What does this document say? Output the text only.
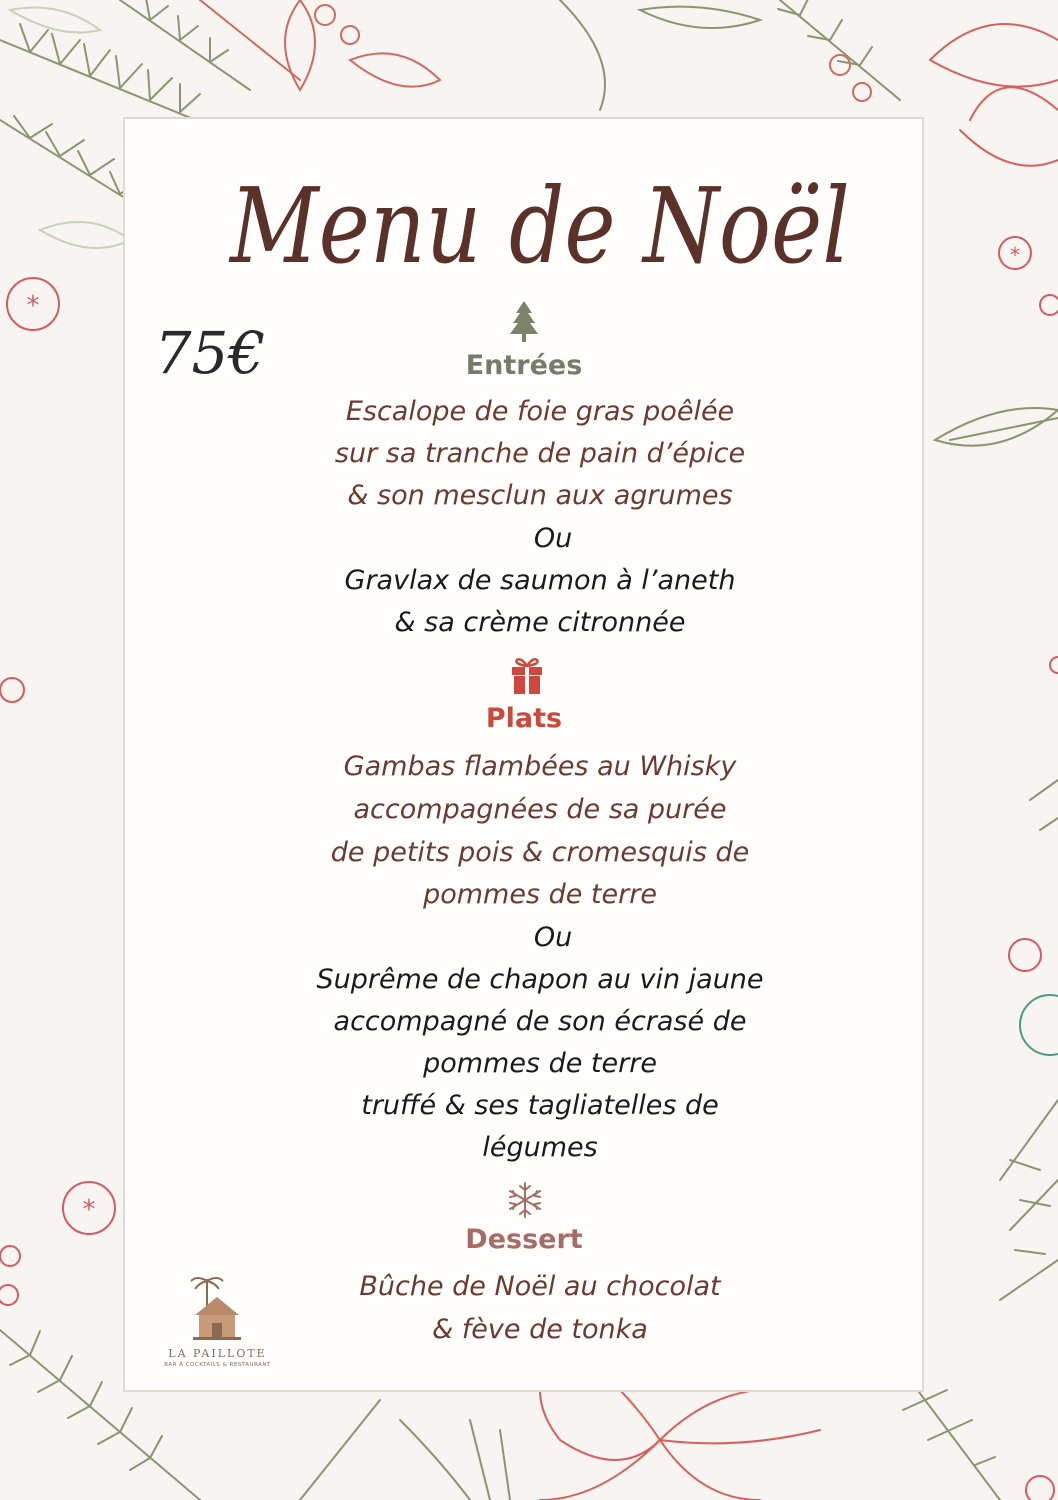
*
*
*
Menu de Noël
75€	Entrées
Escalope de foie gras poêlée
sur sa tranche de pain d’épice
& son mesclun aux agrumes
Ou
Gravlax de saumon à l’aneth
& sa crème citronnée
Plats
Gambas flambées au Whisky
accompagnées de sa purée
de petits pois & cromesquis de
pommes de terre
Ou
Suprême de chapon au vin jaune
accompagné de son écrasé de
pommes de terre
truffé & ses tagliatelles de
légumes
Dessert
Bûche de Noël au chocolat
& fève de tonka
LA PAILLOTE
BAR À COCKTAILS & RESTAURANT
